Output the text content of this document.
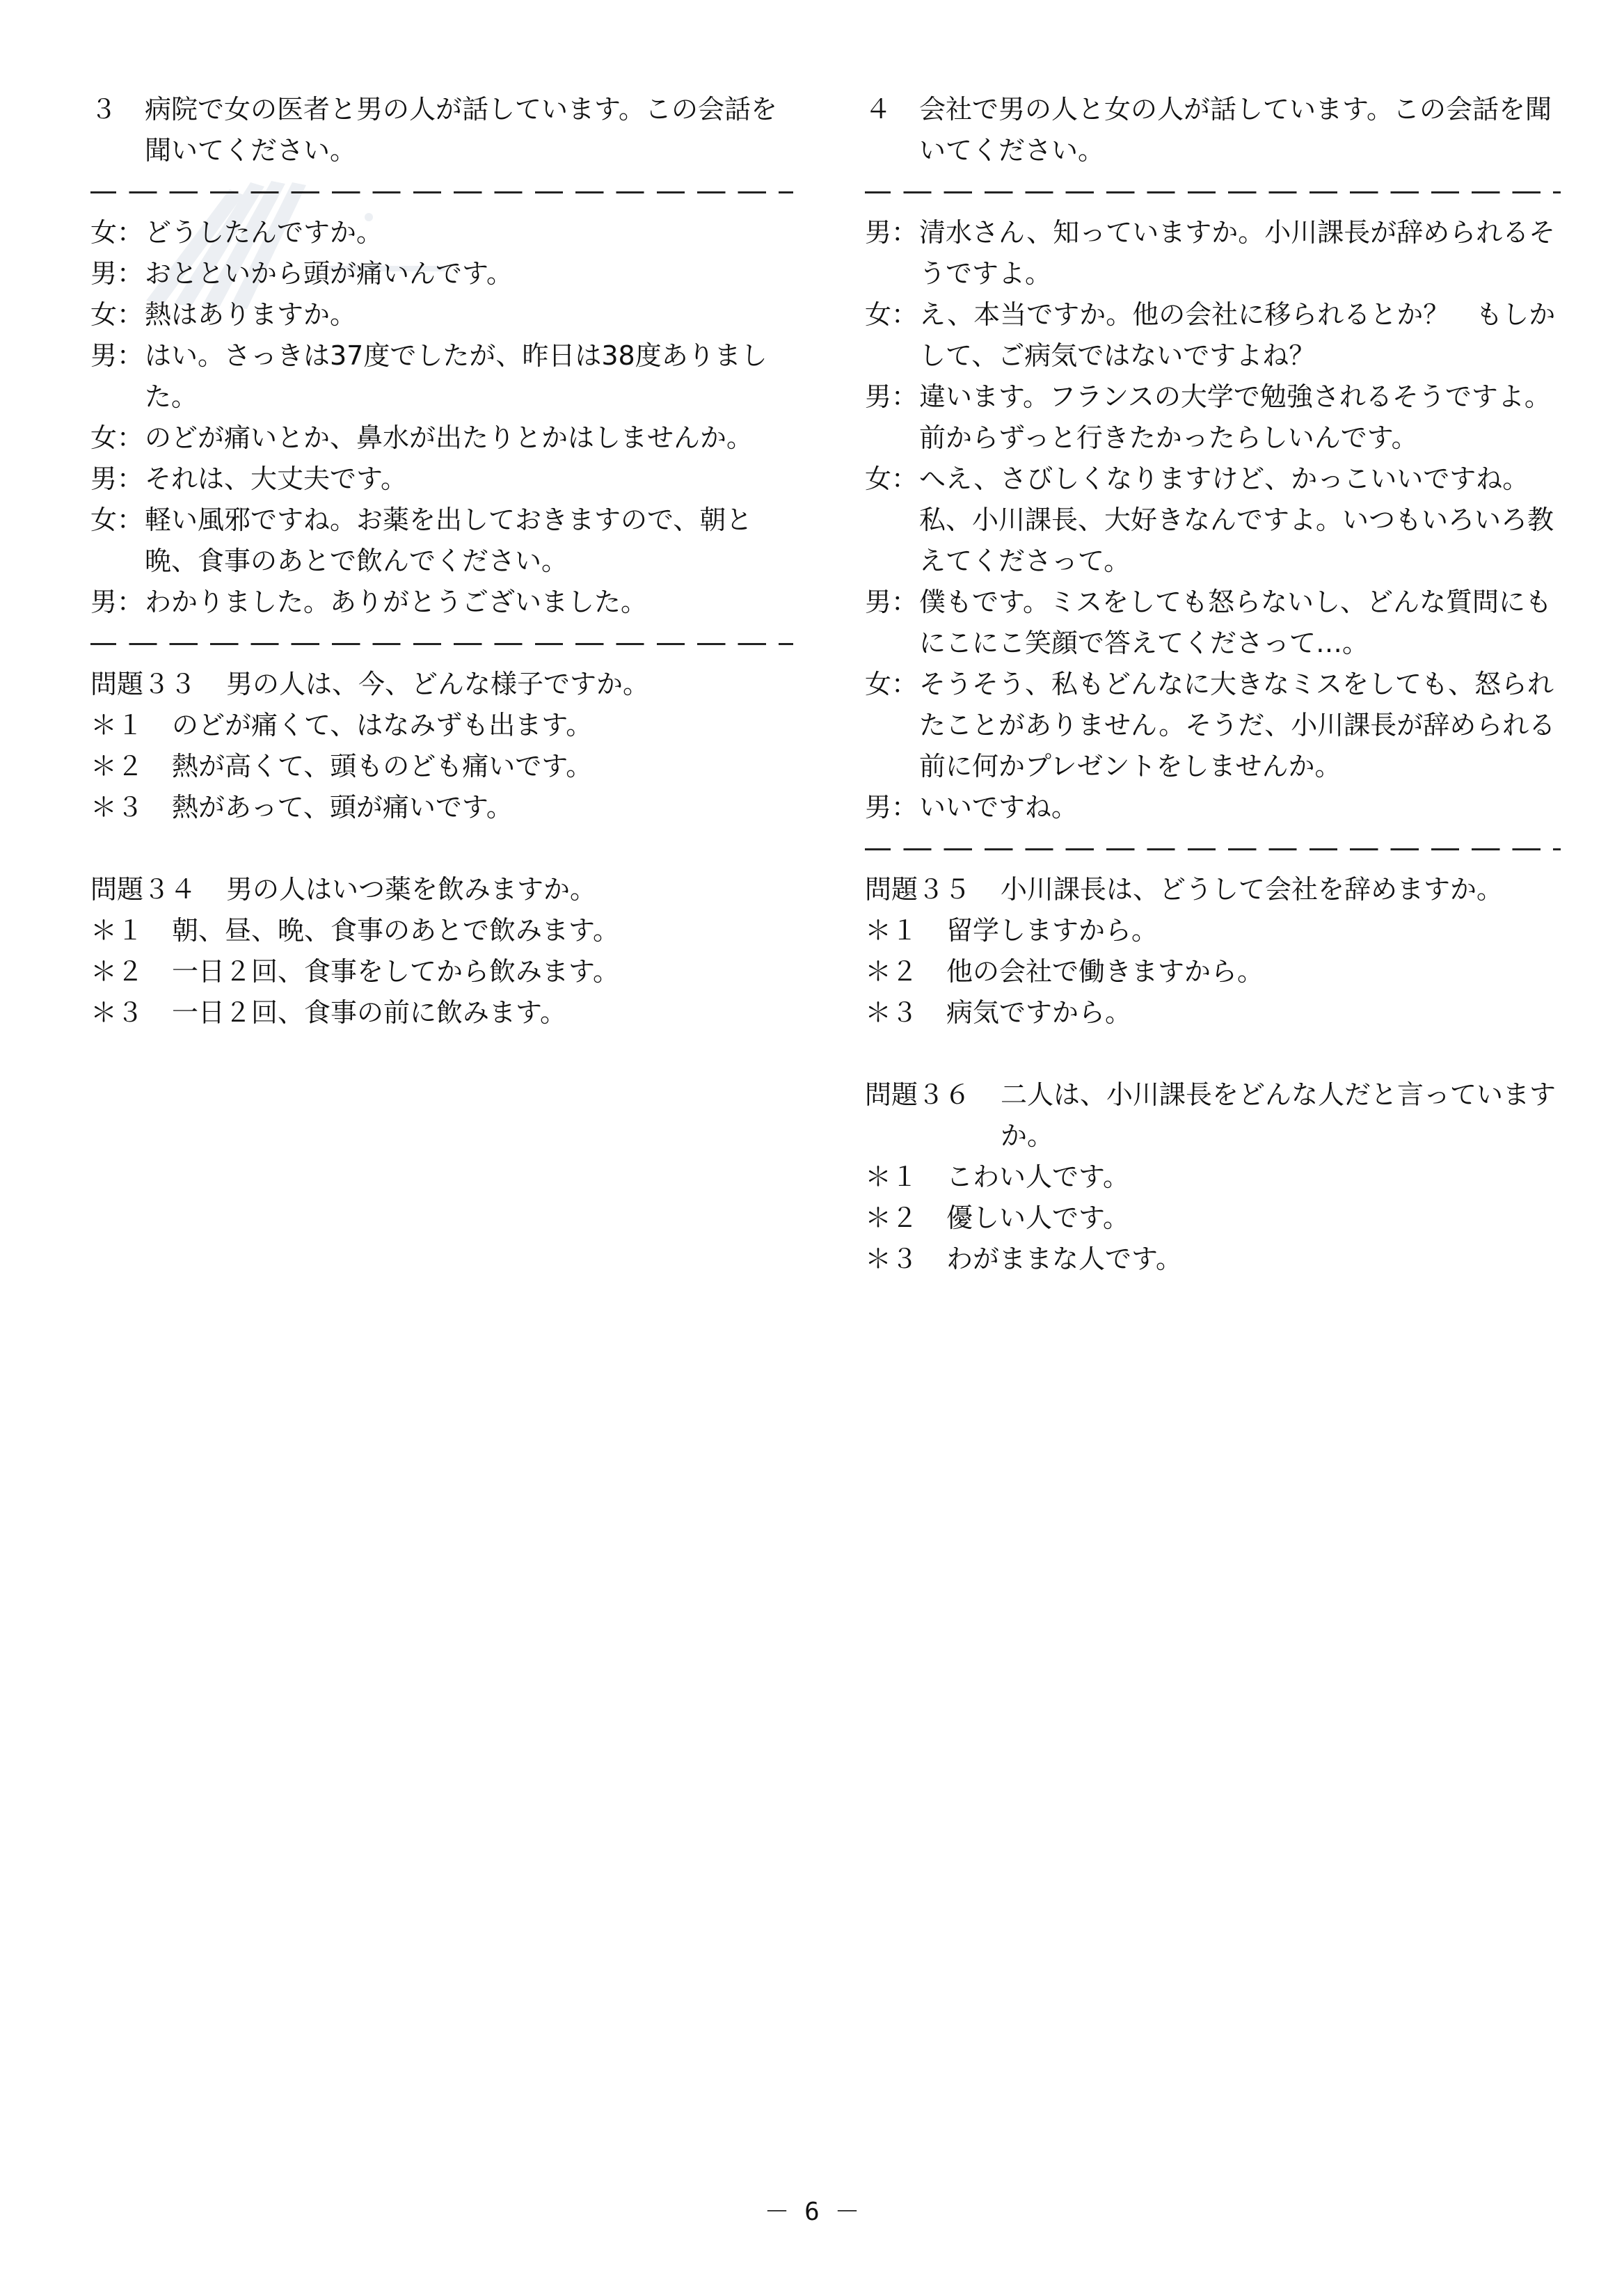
３	病院で女の医者と男の人が話しています。この会話を聞いてください。
女： どうしたんですか。
男： おとといから頭が痛いんです。
女： 熱はありますか。
男： はい。さっきは37度でしたが、昨日は38度ありました。
女： のどが痛いとか、鼻水が出たりとかはしませんか。
男： それは、大丈夫です。
女： 軽い風邪ですね。お薬を出しておきますので、朝と晩、食事のあとで飲んでください。
男： わかりました。ありがとうございました。
問題３３	男の人は、今、どんな様子ですか。
＊１	のどが痛くて、はなみずも出ます。
＊２	熱が高くて、頭ものども痛いです。
＊３	熱があって、頭が痛いです。
問題３４	男の人はいつ薬を飲みますか。
＊１	朝、昼、晩、食事のあとで飲みます。
＊２	一日２回、食事をしてから飲みます。
＊３	一日２回、食事の前に飲みます。
４	会社で男の人と女の人が話しています。この会話を聞いてください。
男： 清水さん、知っていますか。小川課長が辞められるそうですよ。
女： え、本当ですか。他の会社に移られるとか？　もしかして、ご病気ではないですよね？
男： 違います。フランスの大学で勉強されるそうですよ。前からずっと行きたかったらしいんです。
女： へえ、さびしくなりますけど、かっこいいですね。私、小川課長、大好きなんですよ。いつもいろいろ教えてくださって。
男： 僕もです。ミスをしても怒らないし、どんな質問にもにこにこ笑顔で答えてくださって…。
女： そうそう、私もどんなに大きなミスをしても、怒られたことがありません。そうだ、小川課長が辞められる前に何かプレゼントをしませんか。
男： いいですね。
問題３５	小川課長は、どうして会社を辞めますか。
＊１	留学しますから。
＊２	他の会社で働きますから。
＊３	病気ですから。
問題３６	二人は、小川課長をどんな人だと言っていますか。
＊１	こわい人です。
＊２	優しい人です。
＊３	わがままな人です。
－ 6 －
